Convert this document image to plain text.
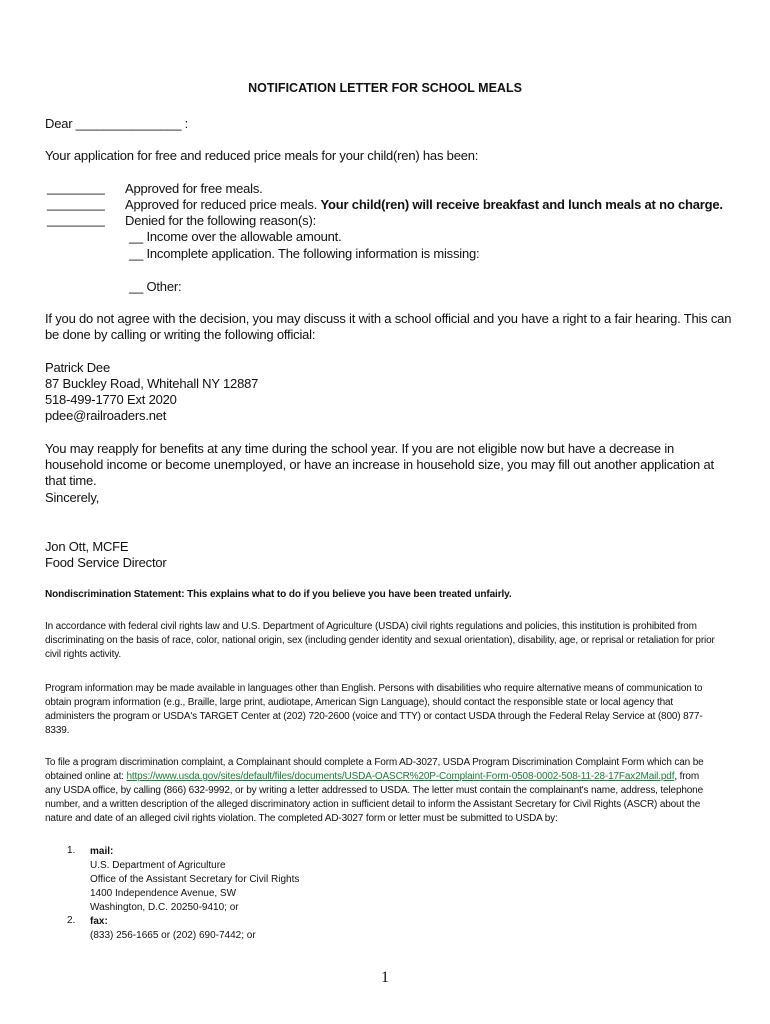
NOTIFICATION LETTER FOR SCHOOL MEALS
Dear _______________ :
Your application for free and reduced price meals for your child(ren) has been:
________ Approved for free meals.
________ Approved for reduced price meals. Your child(ren) will receive breakfast and lunch meals at no charge.
________ Denied for the following reason(s):
__ Income over the allowable amount.
__ Incomplete application. The following information is missing:
__ Other:
If you do not agree with the decision, you may discuss it with a school official and you have a right to a fair hearing. This can be done by calling or writing the following official:
Patrick Dee
87 Buckley Road, Whitehall NY 12887
518-499-1770 Ext 2020
pdee@railroaders.net
You may reapply for benefits at any time during the school year. If you are not eligible now but have a decrease in household income or become unemployed, or have an increase in household size, you may fill out another application at that time.
Sincerely,
Jon Ott, MCFE
Food Service Director
Nondiscrimination Statement: This explains what to do if you believe you have been treated unfairly.
In accordance with federal civil rights law and U.S. Department of Agriculture (USDA) civil rights regulations and policies, this institution is prohibited from discriminating on the basis of race, color, national origin, sex (including gender identity and sexual orientation), disability, age, or reprisal or retaliation for prior civil rights activity.
Program information may be made available in languages other than English. Persons with disabilities who require alternative means of communication to obtain program information (e.g., Braille, large print, audiotape, American Sign Language), should contact the responsible state or local agency that administers the program or USDA's TARGET Center at (202) 720-2600 (voice and TTY) or contact USDA through the Federal Relay Service at (800) 877-8339.
To file a program discrimination complaint, a Complainant should complete a Form AD-3027, USDA Program Discrimination Complaint Form which can be obtained online at: https://www.usda.gov/sites/default/files/documents/USDA-OASCR%20P-Complaint-Form-0508-0002-508-11-28-17Fax2Mail.pdf, from any USDA office, by calling (866) 632-9992, or by writing a letter addressed to USDA. The letter must contain the complainant's name, address, telephone number, and a written description of the alleged discriminatory action in sufficient detail to inform the Assistant Secretary for Civil Rights (ASCR) about the nature and date of an alleged civil rights violation. The completed AD-3027 form or letter must be submitted to USDA by:
1. mail:
U.S. Department of Agriculture
Office of the Assistant Secretary for Civil Rights
1400 Independence Avenue, SW
Washington, D.C. 20250-9410; or
2. fax:
(833) 256-1665 or (202) 690-7442; or
1
